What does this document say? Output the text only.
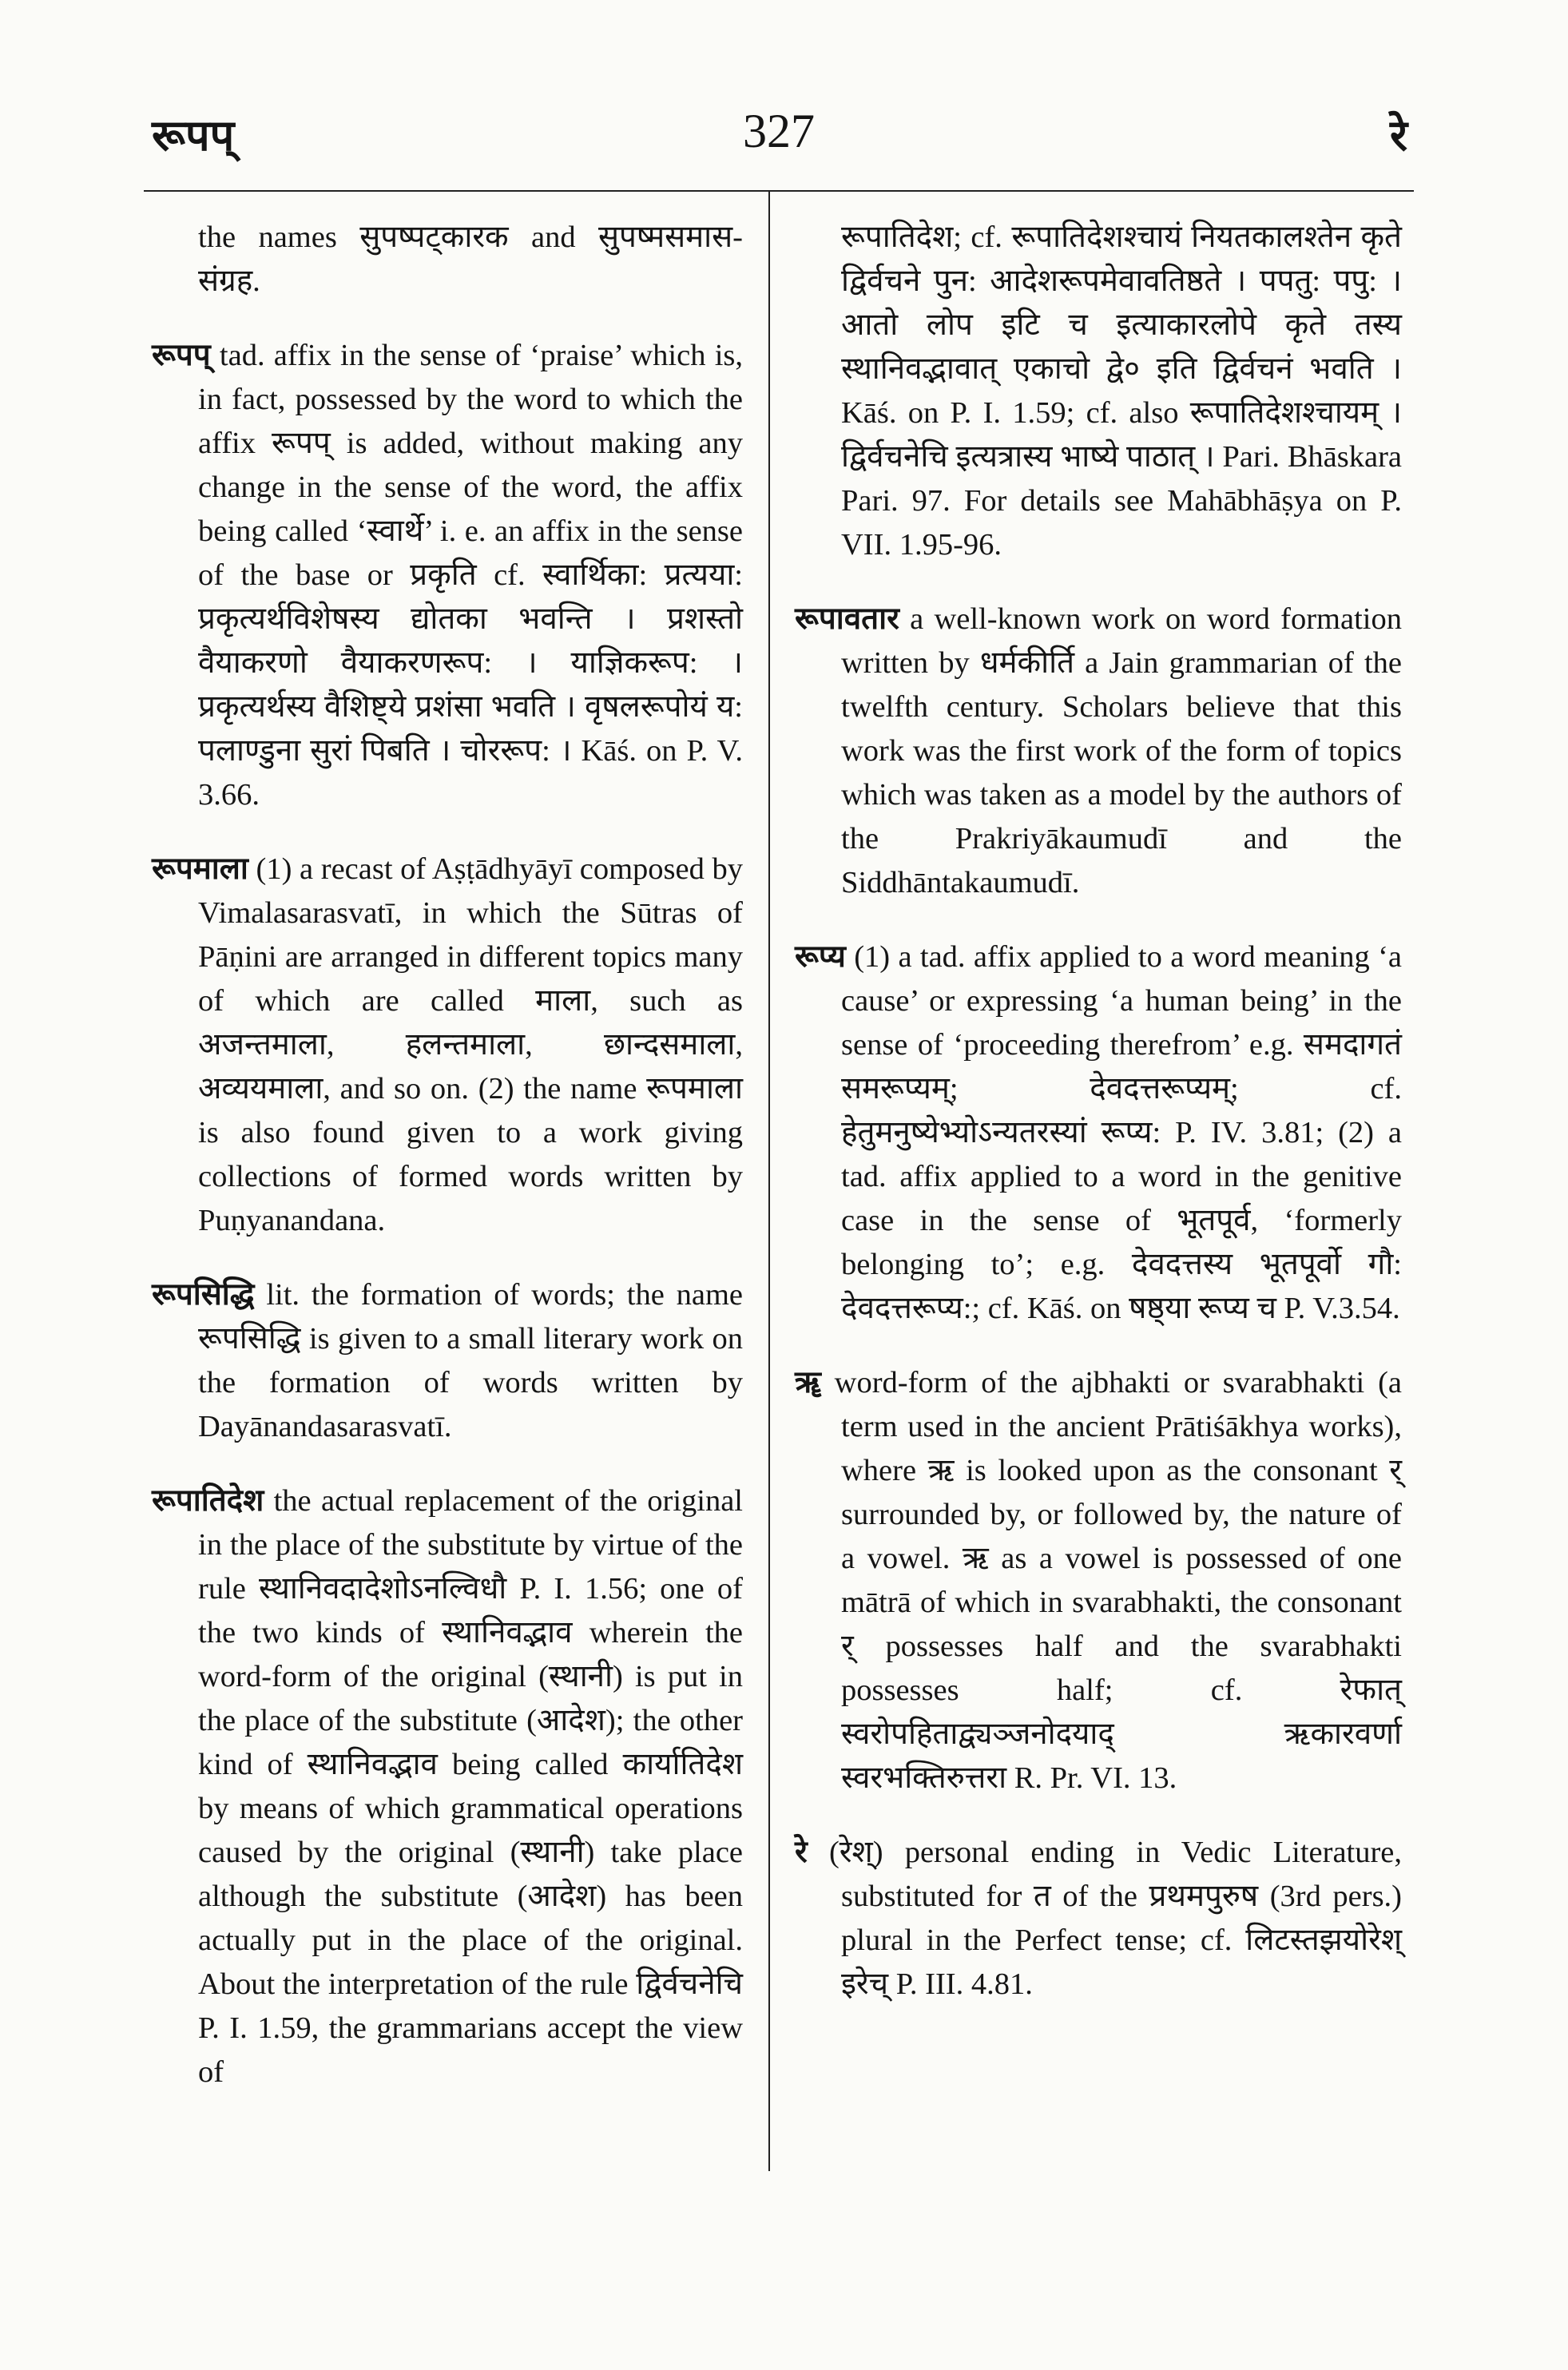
रूपप्	327	रे

the names सुपष्पट्कारक and सुपष्मसमास-संग्रह.

रूपप् tad. affix in the sense of ‘praise’ which is, in fact, possessed by the word to which the affix रूपप् is added, without making any change in the sense of the word, the affix being called ‘स्वार्थे’ i. e. an affix in the sense of the base or प्रकृति cf. स्वार्थिका: प्रत्यया: प्रकृत्यर्थविशेषस्य द्योतका भवन्ति । प्रशस्तो वैयाकरणो वैयाकरणरूप: । याज्ञिकरूप: । प्रकृत्यर्थस्य वैशिष्ट्ये प्रशंसा भवति । वृषलरूपोयं य: पलाण्डुना सुरां पिबति । चोररूप: । Kāś. on P. V. 3.66.

रूपमाला (1) a recast of Aṣṭādhyāyī composed by Vimalasarasvatī, in which the Sūtras of Pāṇini are arranged in different topics many of which are called माला, such as अजन्तमाला, हलन्तमाला, छान्दसमाला, अव्ययमाला, and so on. (2) the name रूपमाला is also found given to a work giving collections of formed words written by Puṇyanandana.

रूपसिद्धि lit. the formation of words; the name रूपसिद्धि is given to a small literary work on the formation of words written by Dayānandasarasvatī.

रूपातिदेश the actual replacement of the original in the place of the substitute by virtue of the rule स्थानिवदादेशोऽनल्विधौ P. I. 1.56; one of the two kinds of स्थानिवद्भाव wherein the word-form of the original (स्थानी) is put in the place of the substitute (आदेश); the other kind of स्थानिवद्भाव being called कार्यातिदेश by means of which grammatical operations caused by the original (स्थानी) take place although the substitute (आदेश) has been actually put in the place of the original. About the interpretation of the rule द्विर्वचनेचि P. I. 1.59, the grammarians accept the view of

रूपातिदेश; cf. रूपातिदेशश्चायं नियतकालश्तेन कृते द्विर्वचने पुन: आदेशरूपमेवावतिष्ठते । पपतु: पपु: । आतो लोप इटि च इत्याकारलोपे कृते तस्य स्थानिवद्भावात् एकाचो द्वे० इति द्विर्वचनं भवति । Kāś. on P. I. 1.59; cf. also रूपातिदेशश्चायम् । द्विर्वचनेचि इत्यत्रास्य भाष्ये पाठात् । Pari. Bhāskara Pari. 97. For details see Mahābhāṣya on P. VII. 1.95-96.

रूपावतार a well-known work on word formation written by धर्मकीर्ति a Jain grammarian of the twelfth century. Scholars believe that this work was the first work of the form of topics which was taken as a model by the authors of the Prakriyākaumudī and the Siddhāntakaumudī.

रूप्य (1) a tad. affix applied to a word meaning ‘a cause’ or expressing ‘a human being’ in the sense of ‘proceeding therefrom’ e.g. समदागतं समरूप्यम्; देवदत्तरूप्यम्; cf. हेतुमनुष्येभ्योऽन्यतरस्यां रूप्य: P. IV. 3.81; (2) a tad. affix applied to a word in the genitive case in the sense of भूतपूर्व, ‘formerly belonging to’; e.g. देवदत्तस्य भूतपूर्वो गौ: देवदत्तरूप्य:; cf. Kāś. on षष्ठ्या रूप्य च P. V.3.54.

ॠ word-form of the ajbhakti or svarabhakti (a term used in the ancient Prātiśākhya works), where ऋ is looked upon as the consonant र् surrounded by, or followed by, the nature of a vowel. ऋ as a vowel is possessed of one mātrā of which in svarabhakti, the consonant र् possesses half and the svarabhakti possesses half; cf. रेफात् स्वरोपहिताद्व्यञ्जनोदयाद् ऋकारवर्णा स्वरभक्तिरुत्तरा R. Pr. VI. 13.

रे (रेश्) personal ending in Vedic Literature, substituted for त of the प्रथमपुरुष (3rd pers.) plural in the Perfect tense; cf. लिटस्तझयोरेश् इरेच् P. III. 4.81.
